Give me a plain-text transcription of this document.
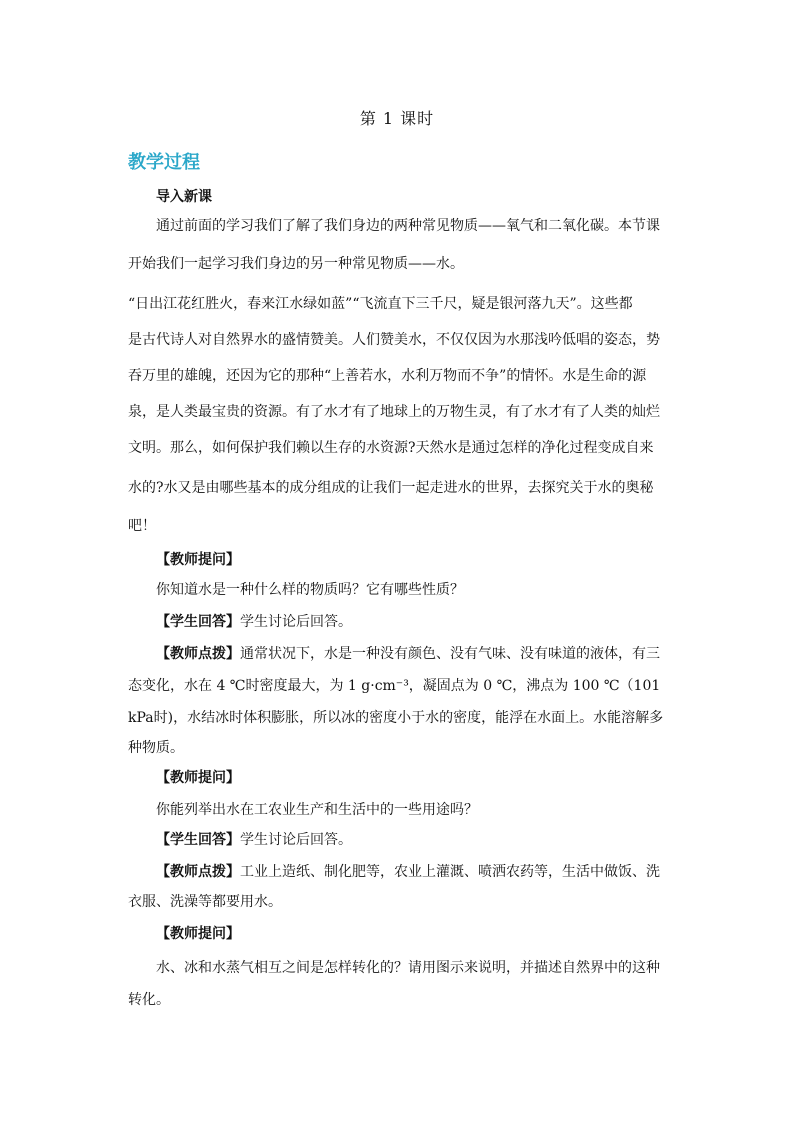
第 1 课时
教学过程
导入新课
通过前面的学习我们了解了我们身边的两种常见物质——氧气和二氧化碳。本节课
开始我们一起学习我们身边的另一种常见物质——水。
“日出江花红胜火，春来江水绿如蓝”“飞流直下三千尺，疑是银河落九天”。这些都
是古代诗人对自然界水的盛情赞美。人们赞美水，不仅仅因为水那浅吟低唱的姿态，势
吞万里的雄魄，还因为它的那种“上善若水，水利万物而不争”的情怀。水是生命的源
泉，是人类最宝贵的资源。有了水才有了地球上的万物生灵，有了水才有了人类的灿烂
文明。那么，如何保护我们赖以生存的水资源?天然水是通过怎样的净化过程变成自来
水的?水又是由哪些基本的成分组成的让我们一起走进水的世界，去探究关于水的奥秘
吧！
【教师提问】
你知道水是一种什么样的物质吗？它有哪些性质？
【学生回答】学生讨论后回答。
【教师点拨】通常状况下，水是一种没有颜色、没有气味、没有味道的液体，有三
态变化，水在 4 ℃时密度最大，为 1 g·cm⁻³，凝固点为 0 ℃，沸点为 100 ℃（101
kPa时)，水结冰时体积膨胀，所以冰的密度小于水的密度，能浮在水面上。水能溶解多
种物质。
【教师提问】
你能列举出水在工农业生产和生活中的一些用途吗？
【学生回答】学生讨论后回答。
【教师点拨】工业上造纸、制化肥等，农业上灌溉、喷洒农药等，生活中做饭、洗
衣服、洗澡等都要用水。
【教师提问】
水、冰和水蒸气相互之间是怎样转化的？请用图示来说明，并描述自然界中的这种
转化。
